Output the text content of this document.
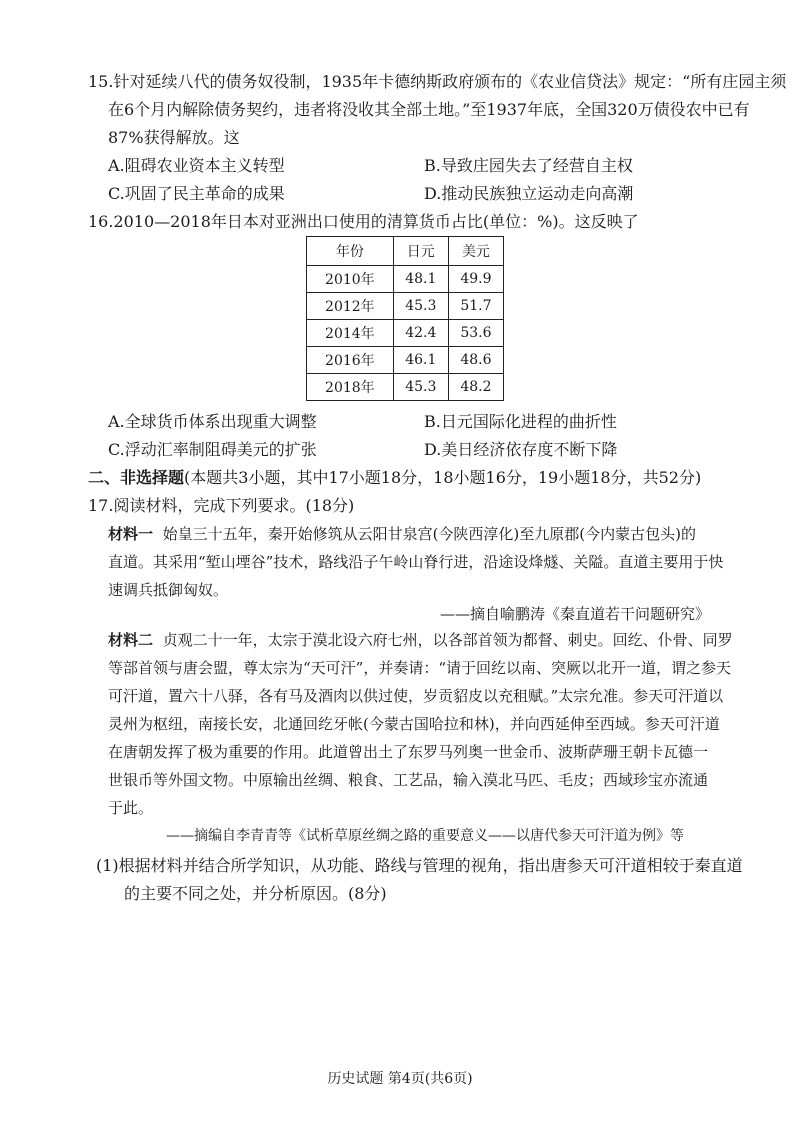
15.针对延续八代的债务奴役制，1935年卡德纳斯政府颁布的《农业信贷法》规定：“所有庄园主须
在6个月内解除债务契约，违者将没收其全部土地。”至1937年底，全国320万债役农中已有
87%获得解放。这
A.阻碍农业资本主义转型	B.导致庄园失去了经营自主权
C.巩固了民主革命的成果	D.推动民族独立运动走向高潮
16.2010—2018年日本对亚洲出口使用的清算货币占比(单位：%)。这反映了
年份	日元	美元
2010年	48.1	49.9
2012年	45.3	51.7
2014年	42.4	53.6
2016年	46.1	48.6
2018年	45.3	48.2
A.全球货币体系出现重大调整	B.日元国际化进程的曲折性
C.浮动汇率制阻碍美元的扩张	D.美日经济依存度不断下降
二、非选择题(本题共3小题，其中17小题18分，18小题16分，19小题18分，共52分)
17.阅读材料，完成下列要求。(18分)
材料一 始皇三十五年，秦开始修筑从云阳甘泉宫(今陕西淳化)至九原郡(今内蒙古包头)的
直道。其采用“堑山堙谷”技术，路线沿子午岭山脊行进，沿途设烽燧、关隘。直道主要用于快
速调兵抵御匈奴。
——摘自喻鹏涛《秦直道若干问题研究》
材料二 贞观二十一年，太宗于漠北设六府七州，以各部首领为都督、刺史。回纥、仆骨、同罗
等部首领与唐会盟，尊太宗为“天可汗”，并奏请：“请于回纥以南、突厥以北开一道，谓之参天
可汗道，置六十八驿，各有马及酒肉以供过使，岁贡貂皮以充租赋。”太宗允准。参天可汗道以
灵州为枢纽，南接长安，北通回纥牙帐(今蒙古国哈拉和林)，并向西延伸至西域。参天可汗道
在唐朝发挥了极为重要的作用。此道曾出土了东罗马列奥一世金币、波斯萨珊王朝卡瓦德一
世银币等外国文物。中原输出丝绸、粮食、工艺品，输入漠北马匹、毛皮；西域珍宝亦流通
于此。
——摘编自李青青等《试析草原丝绸之路的重要意义——以唐代参天可汗道为例》等
(1)根据材料并结合所学知识，从功能、路线与管理的视角，指出唐参天可汗道相较于秦直道
的主要不同之处，并分析原因。(8分)
历史试题 第4页(共6页)
